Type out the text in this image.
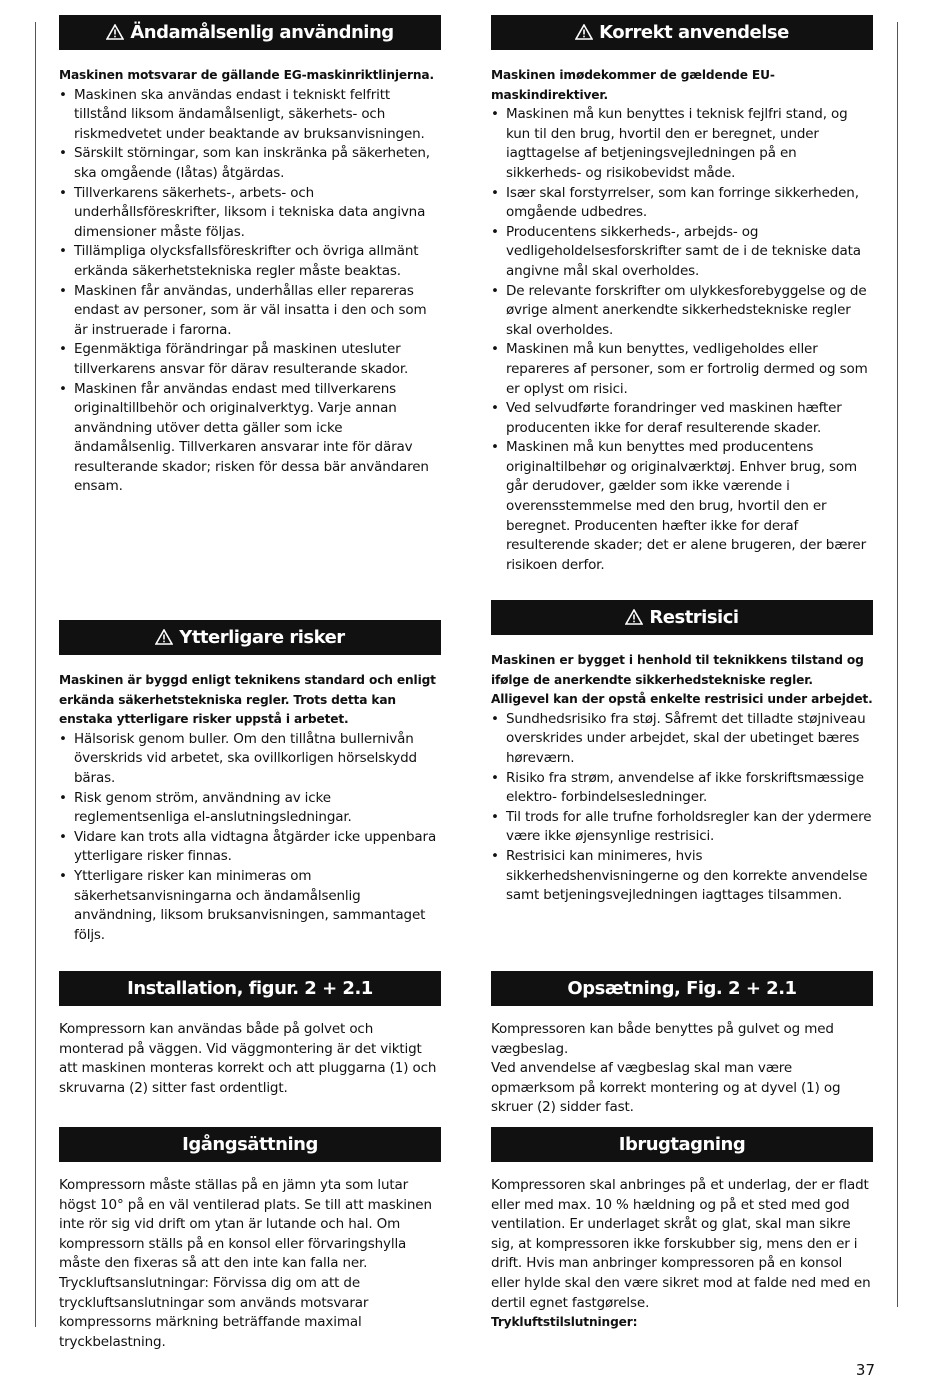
Ändamålsenlig användning
Maskinen motsvarar de gällande EG-maskinriktlinjerna.
• Maskinen ska användas endast i tekniskt felfritt tillstånd liksom ändamålsenligt, säkerhets- och riskmedvetet under beaktande av bruksanvisningen.
• Särskilt störningar, som kan inskränka på säkerheten, ska omgående (låtas) åtgärdas.
• Tillverkarens säkerhets-, arbets- och underhållsföreskrifter, liksom i tekniska data angivna dimensioner måste följas.
• Tillämpliga olycksfallsföreskrifter och övriga allmänt erkända säkerhetstekniska regler måste beaktas.
• Maskinen får användas, underhållas eller repareras endast av personer, som är väl insatta i den och som är instruerade i farorna.
• Egenmäktiga förändringar på maskinen utesluter tillverkarens ansvar för därav resulterande skador.
• Maskinen får användas endast med tillverkarens originaltillbehör och originalverktyg. Varje annan användning utöver detta gäller som icke ändamålsenlig. Tillverkaren ansvarar inte för därav resulterande skador; risken för dessa bär användaren ensam.
Ytterligare risker
Maskinen är byggd enligt teknikens standard och enligt erkända säkerhetstekniska regler. Trots detta kan enstaka ytterligare risker uppstå i arbetet.
• Hälsorisk genom buller. Om den tillåtna bullernivån överskrids vid arbetet, ska ovillkorligen hörselskydd bäras.
• Risk genom ström, användning av icke reglementsenliga el-anslutningsledningar.
• Vidare kan trots alla vidtagna åtgärder icke uppenbara ytterligare risker finnas.
• Ytterligare risker kan minimeras om säkerhetsanvisningarna och ändamålsenlig användning, liksom bruksanvisningen, sammantaget följs.
Installation, figur. 2 + 2.1

Kompressorn kan användas både på golvet och monterad på väggen. Vid väggmontering är det viktigt att maskinen monteras korrekt och att pluggarna (1) och skruvarna (2) sitter fast ordentligt.

Igångsättning

Kompressorn måste ställas på en jämn yta som lutar högst 10° på en väl ventilerad plats. Se till att maskinen inte rör sig vid drift om ytan är lutande och hal. Om kompressorn ställs på en konsol eller förvaringshylla måste den fixeras så att den inte kan falla ner.

Tryckluftsanslutningar: Förvissa dig om att de tryckluftsanslutningar som används motsvarar kompressorns märkning beträffande maximal tryckbelastning.

Korrekt anvendelse
Maskinen imødekommer de gældende EU-maskindirektiver.
• Maskinen må kun benyttes i teknisk fejlfri stand, og kun til den brug, hvortil den er beregnet, under iagttagelse af betjeningsvejledningen på en sikkerheds- og risikobevidst måde.
• Især skal forstyrrelser, som kan forringe sikkerheden, omgående udbedres.
• Producentens sikkerheds-, arbejds- og vedligeholdelsesforskrifter samt de i de tekniske data angivne mål skal overholdes.
• De relevante forskrifter om ulykkesforebyggelse og de øvrige alment anerkendte sikkerhedstekniske regler skal overholdes.
• Maskinen må kun benyttes, vedligeholdes eller repareres af personer, som er fortrolig dermed og som er oplyst om risici.
• Ved selvudførte forandringer ved maskinen hæfter producenten ikke for deraf resulterende skader.
• Maskinen må kun benyttes med producentens originaltilbehør og originalværktøj. Enhver brug, som går derudover, gælder som ikke værende i overensstemmelse med den brug, hvortil den er beregnet. Producenten hæfter ikke for deraf resulterende skader; det er alene brugeren, der bærer risikoen derfor.
Restrisici
Maskinen er bygget i henhold til teknikkens tilstand og ifølge de anerkendte sikkerhedstekniske regler. Alligevel kan der opstå enkelte restrisici under arbejdet.
• Sundhedsrisiko fra støj. Såfremt det tilladte støjniveau overskrides under arbejdet, skal der ubetinget bæres høreværn.
• Risiko fra strøm, anvendelse af ikke forskriftsmæssige elektro- forbindelsesledninger.
• Til trods for alle trufne forholdsregler kan der ydermere være ikke øjensynlige restrisici.
• Restrisici kan minimeres, hvis sikkerhedshenvisningerne og den korrekte anvendelse samt betjeningsvejledningen iagttages tilsammen.
Opsætning, Fig. 2 + 2.1

Kompressoren kan både benyttes på gulvet og med vægbeslag.

Ved anvendelse af vægbeslag skal man være opmærksom på korrekt montering og at dyvel (1) og skruer (2) sidder fast.

Ibrugtagning

Kompressoren skal anbringes på et underlag, der er fladt eller med max. 10 % hældning og på et sted med god ventilation. Er underlaget skråt og glat, skal man sikre sig, at kompressoren ikke forskubber sig, mens den er i drift. Hvis man anbringer kompressoren på en konsol eller hylde skal den være sikret mod at falde ned med en dertil egnet fastgørelse.

Trykluftstilslutninger:

37
